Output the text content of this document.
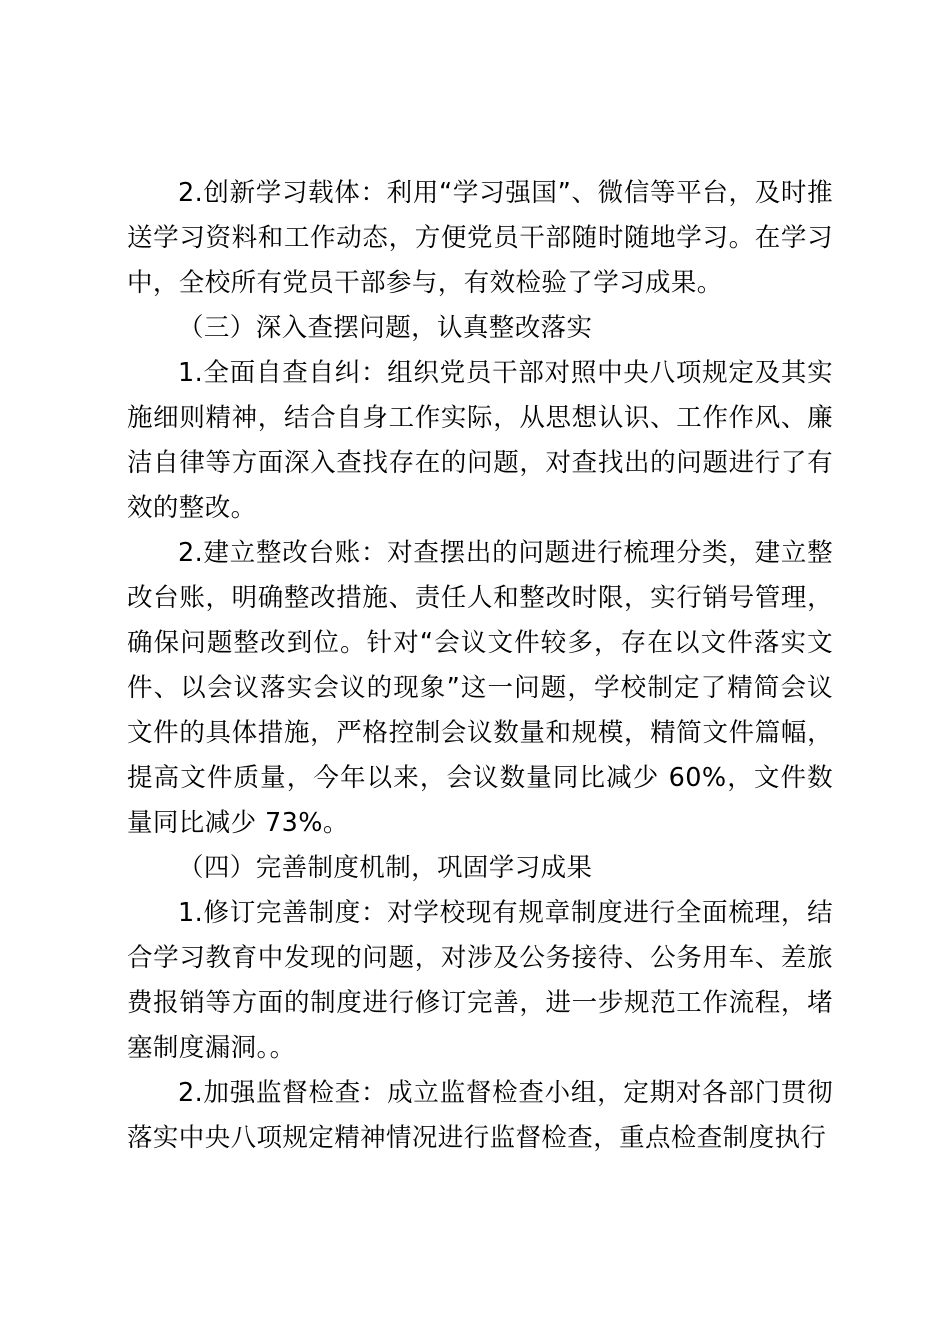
2.创新学习载体：利用“学习强国”、微信等平台，及时推送学习资料和工作动态，方便党员干部随时随地学习。在学习中，全校所有党员干部参与，有效检验了学习成果。

（三）深入查摆问题，认真整改落实

1.全面自查自纠：组织党员干部对照中央八项规定及其实施细则精神，结合自身工作实际，从思想认识、工作作风、廉洁自律等方面深入查找存在的问题，对查找出的问题进行了有效的整改。

2.建立整改台账：对查摆出的问题进行梳理分类，建立整改台账，明确整改措施、责任人和整改时限，实行销号管理，确保问题整改到位。针对“会议文件较多，存在以文件落实文件、以会议落实会议的现象”这一问题，学校制定了精简会议文件的具体措施，严格控制会议数量和规模，精简文件篇幅，提高文件质量，今年以来，会议数量同比减少 60%，文件数量同比减少 73%。

（四）完善制度机制，巩固学习成果

1.修订完善制度：对学校现有规章制度进行全面梳理，结合学习教育中发现的问题，对涉及公务接待、公务用车、差旅费报销等方面的制度进行修订完善，进一步规范工作流程，堵塞制度漏洞。。

2.加强监督检查：成立监督检查小组，定期对各部门贯彻落实中央八项规定精神情况进行监督检查，重点检查制度执行
